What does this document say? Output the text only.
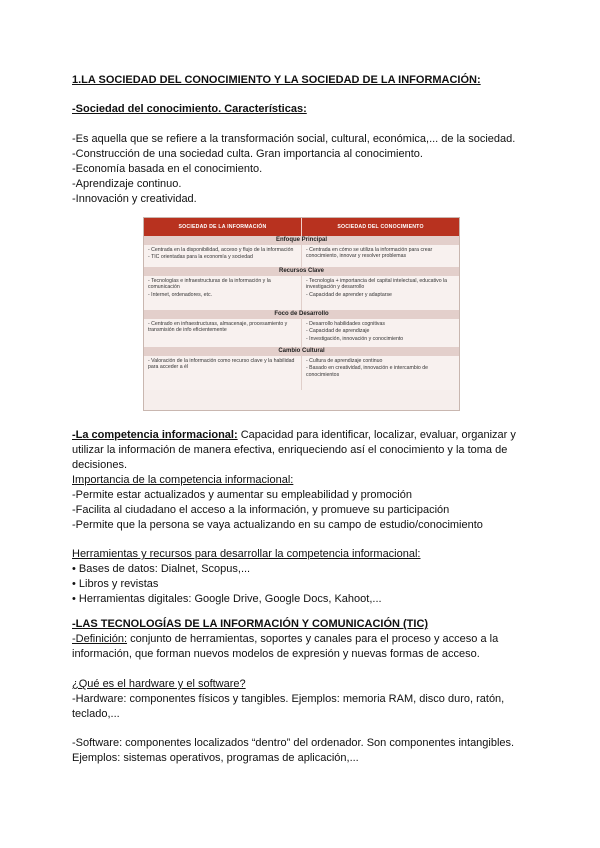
1.LA SOCIEDAD DEL CONOCIMIENTO Y LA SOCIEDAD DE LA INFORMACIÓN:
-Sociedad del conocimiento. Características:
-Es aquella que se refiere a la transformación social, cultural, económica,... de la sociedad.
-Construcción de una sociedad culta. Gran importancia al conocimiento.
-Economía basada en el conocimiento.
-Aprendizaje continuo.
-Innovación y creatividad.
SOCIEDAD DE LA INFORMACIÓN	SOCIEDAD DEL CONOCIMIENTO
Enfoque Principal
- Centrada en la disponibilidad, acceso y flujo de la información
- TIC orientadas para la economía y sociedad
- Centrada en cómo se utiliza la información para crear conocimiento, innovar y resolver problemas
Recursos Clave
- Tecnologías e infraestructuras de la información y la comunicación
- Internet, ordenadores, etc.
- Tecnología + importancia del capital intelectual, educativo la investigación y desarrollo
- Capacidad de aprender y adaptarse
Foco de Desarrollo
- Centrado en infraestructuras, almacenaje, procesamiento y transmisión de info eficientemente
- Desarrollo habilidades cognitivas
- Capacidad de aprendizaje
- Investigación, innovación y conocimiento
Cambio Cultural
- Valoración de la información como recurso clave y la habilidad para acceder a él
- Cultura de aprendizaje continuo
- Basado en creatividad, innovación e intercambio de conocimientos
-La competencia informacional: Capacidad para identificar, localizar, evaluar, organizar y utilizar la información de manera efectiva, enriqueciendo así el conocimiento y la toma de decisiones.
Importancia de la competencia informacional:
-Permite estar actualizados y aumentar su empleabilidad y promoción
-Facilita al ciudadano el acceso a la información, y promueve su participación
-Permite que la persona se vaya actualizando en su campo de estudio/conocimiento
Herramientas y recursos para desarrollar la competencia informacional:
• Bases de datos: Dialnet, Scopus,...
• Libros y revistas
• Herramientas digitales: Google Drive, Google Docs, Kahoot,...
-LAS TECNOLOGÍAS DE LA INFORMACIÓN Y COMUNICACIÓN (TIC)
-Definición: conjunto de herramientas, soportes y canales para el proceso y acceso a la información, que forman nuevos modelos de expresión y nuevas formas de acceso.
¿Qué es el hardware y el software?
-Hardware: componentes físicos y tangibles. Ejemplos: memoria RAM, disco duro, ratón, teclado,...
-Software: componentes localizados “dentro” del ordenador. Son componentes intangibles. Ejemplos: sistemas operativos, programas de aplicación,...
